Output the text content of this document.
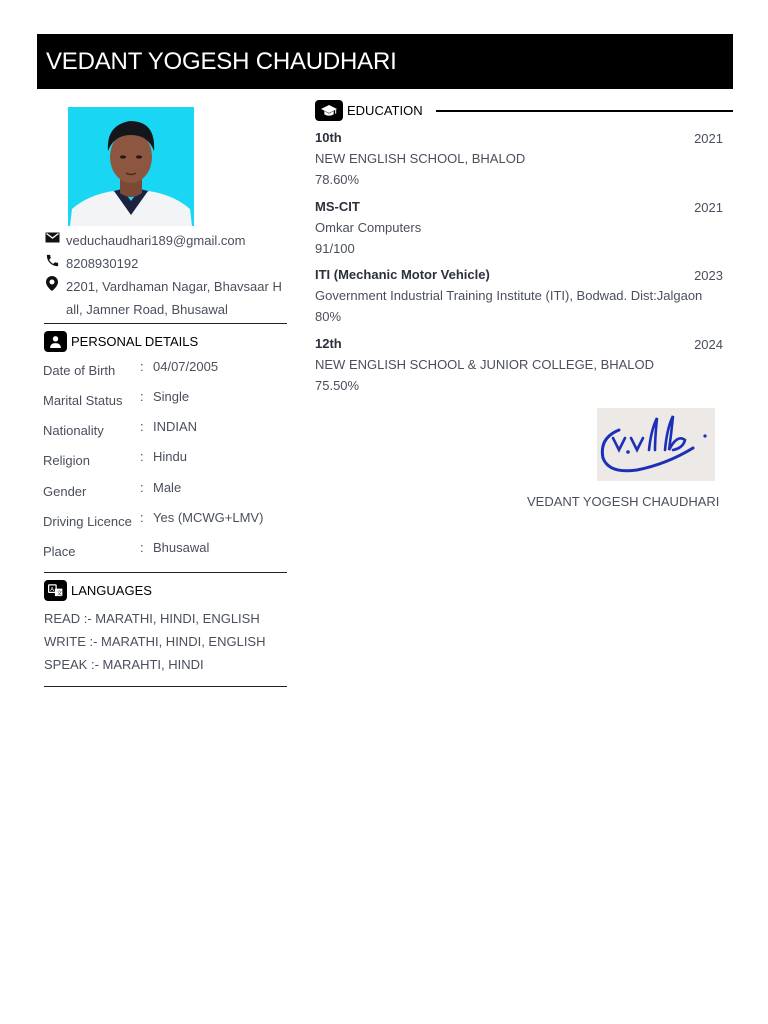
VEDANT YOGESH CHAUDHARI
veduchaudhari189@gmail.com
8208930192
2201, Vardhaman Nagar, Bhavsaar H
all, Jamner Road, Bhusawal
PERSONAL DETAILS
Date of Birth : 04/07/2005
Marital Status : Single
Nationality	: INDIAN
Religion	: Hindu
Gender	: Male
Driving Licence : Yes (MCWG+LMV)
Place	: Bhusawal
A
文 LANGUAGES
READ :- MARATHI, HINDI, ENGLISH
WRITE :- MARATHI, HINDI, ENGLISH
SPEAK :- MARAHTI, HINDI
EDUCATION
10th	2021
NEW ENGLISH SCHOOL, BHALOD
78.60%
MS-CIT	2021
Omkar Computers
91/100
ITI (Mechanic Motor Vehicle)	2023
Government Industrial Training Institute (ITI), Bodwad. Dist:Jalgaon
80%
12th	2024
NEW ENGLISH SCHOOL & JUNIOR COLLEGE, BHALOD
75.50%
VEDANT YOGESH CHAUDHARI
